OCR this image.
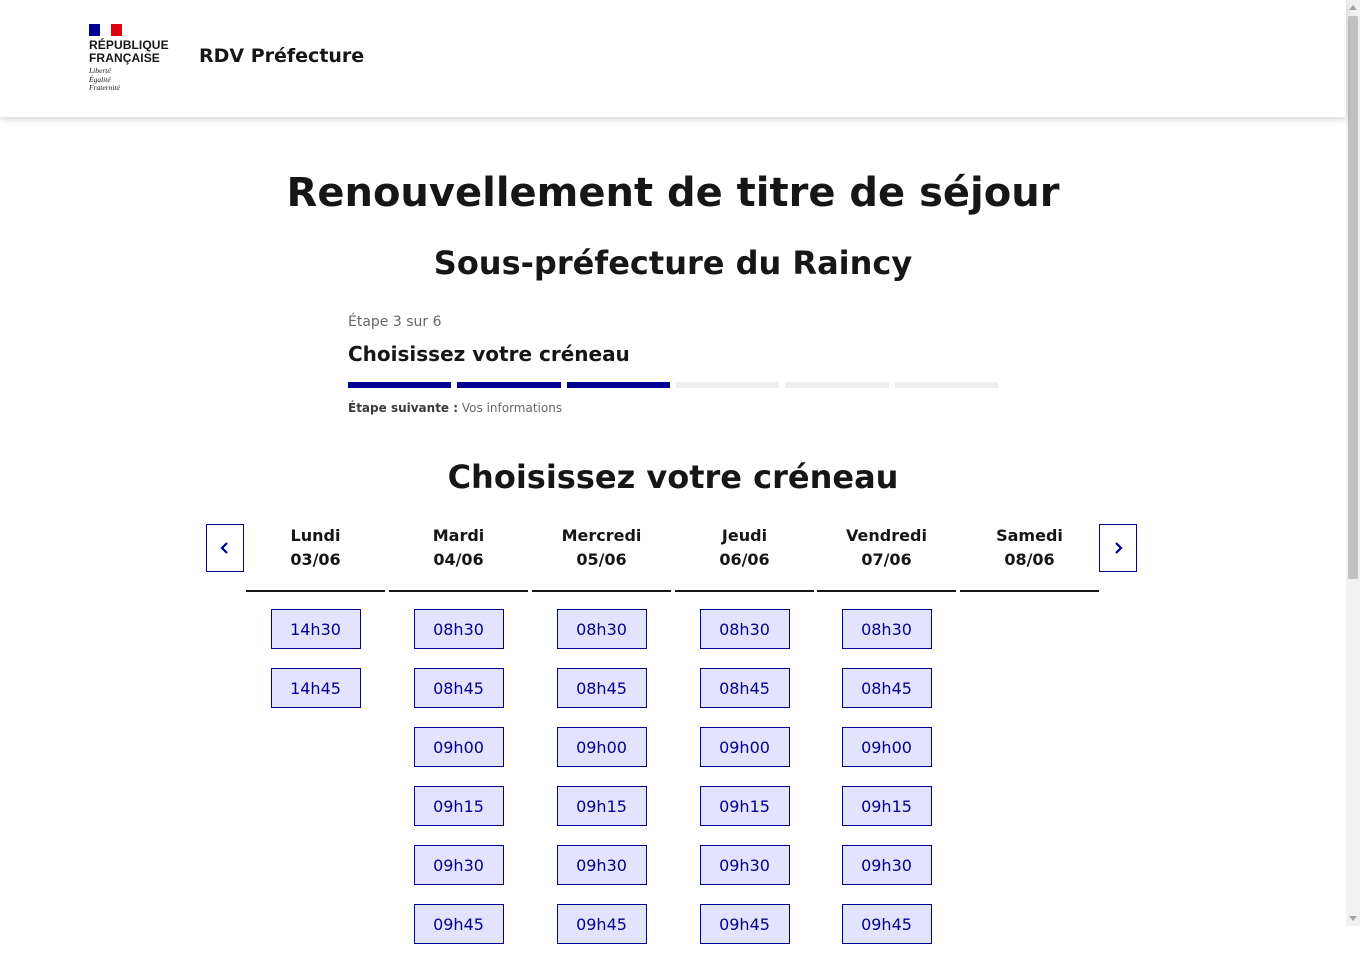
RÉPUBLIQUE
FRANÇAISE
Liberté
Égalité
Fraternité
RDV Préfecture
Renouvellement de titre de séjour
Sous-préfecture du Raincy
Étape 3 sur 6
Choisissez votre créneau
Étape suivante : Vos informations
Choisissez votre créneau
Lundi
03/06
14h30
14h45
Mardi
04/06
08h30
08h45
09h00
09h15
09h30
09h45
Mercredi
05/06
08h30
08h45
09h00
09h15
09h30
09h45
Jeudi
06/06
08h30
08h45
09h00
09h15
09h30
09h45
Vendredi
07/06
08h30
08h45
09h00
09h15
09h30
09h45
Samedi
08/06
